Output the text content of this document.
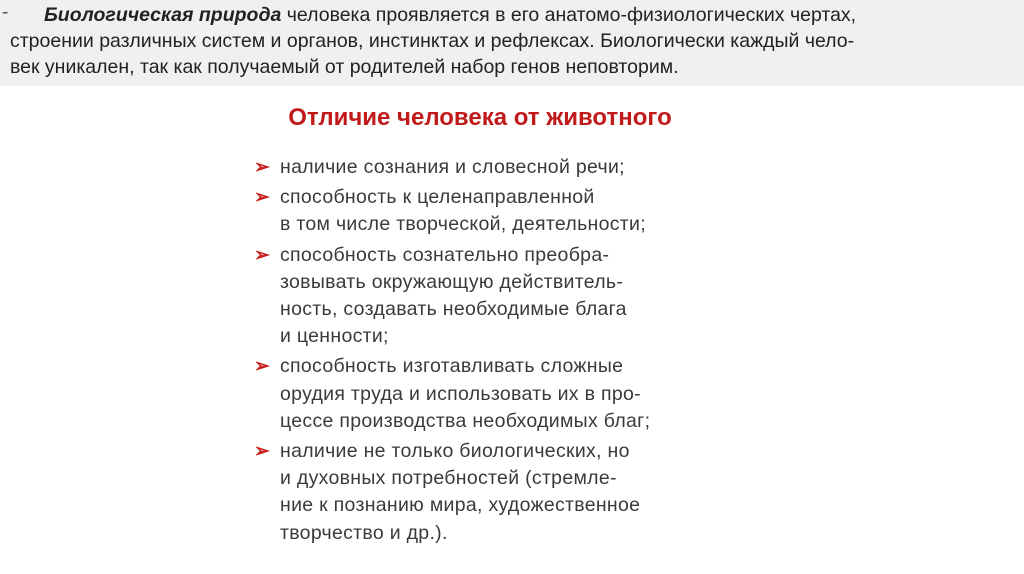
-	Биологическая природа человека проявляется в его анатомо-физиологических чертах,
строении различных систем и органов, инстинктах и рефлексах. Биологически каждый чело-
век уникален, так как получаемый от родителей набор генов неповторим.
Отличие человека от животного
➢ наличие сознания и словесной речи;
➢ способность к целенаправленной
в том числе творческой, деятельности;
➢ способность сознательно преобра-
зовывать окружающую действитель-
ность, создавать необходимые блага
и ценности;
➢ способность изготавливать сложные
орудия труда и использовать их в про-
цессе производства необходимых благ;
➢ наличие не только биологических, но
и духовных потребностей (стремле-
ние к познанию мира, художественное
творчество и др.).
